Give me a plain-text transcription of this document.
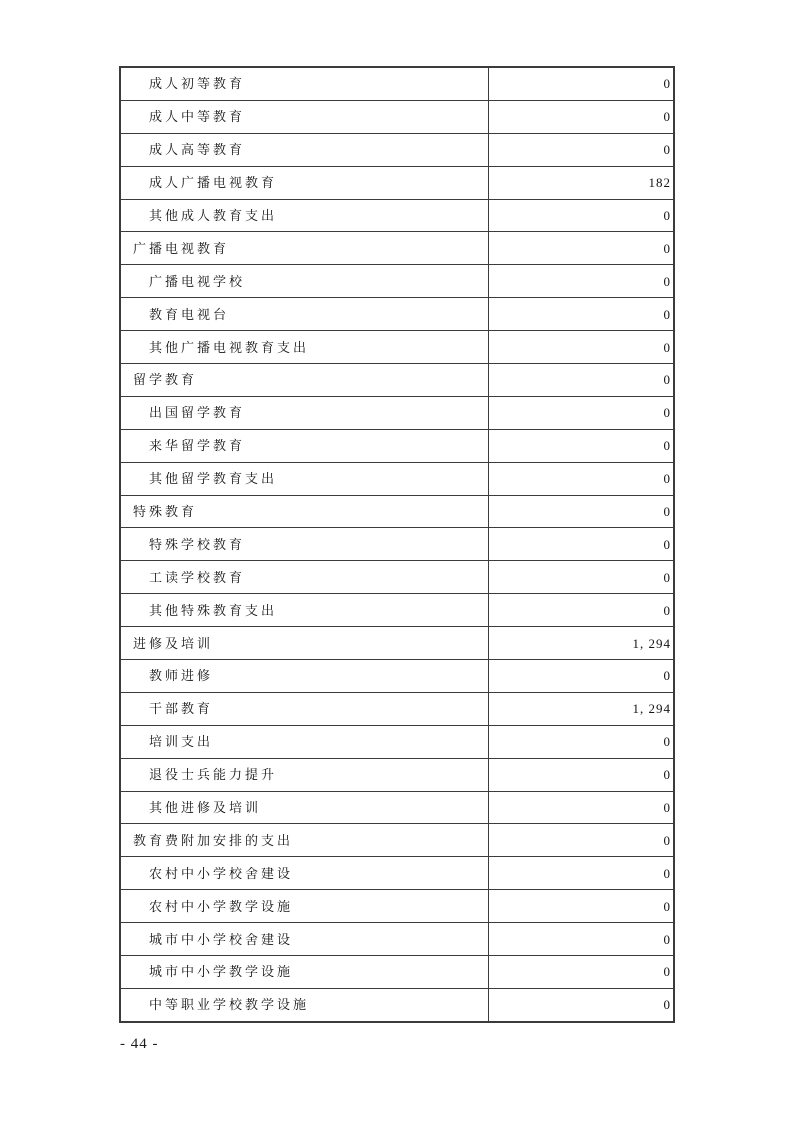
成人初等教育	0
成人中等教育	0
成人高等教育	0
成人广播电视教育	182
其他成人教育支出	0
广播电视教育	0
广播电视学校	0
教育电视台	0
其他广播电视教育支出	0
留学教育	0
出国留学教育	0
来华留学教育	0
其他留学教育支出	0
特殊教育	0
特殊学校教育	0
工读学校教育	0
其他特殊教育支出	0
进修及培训	1, 294
教师进修	0
干部教育	1, 294
培训支出	0
退役士兵能力提升	0
其他进修及培训	0
教育费附加安排的支出	0
农村中小学校舍建设	0
农村中小学教学设施	0
城市中小学校舍建设	0
城市中小学教学设施	0
中等职业学校教学设施	0
- 44 -
